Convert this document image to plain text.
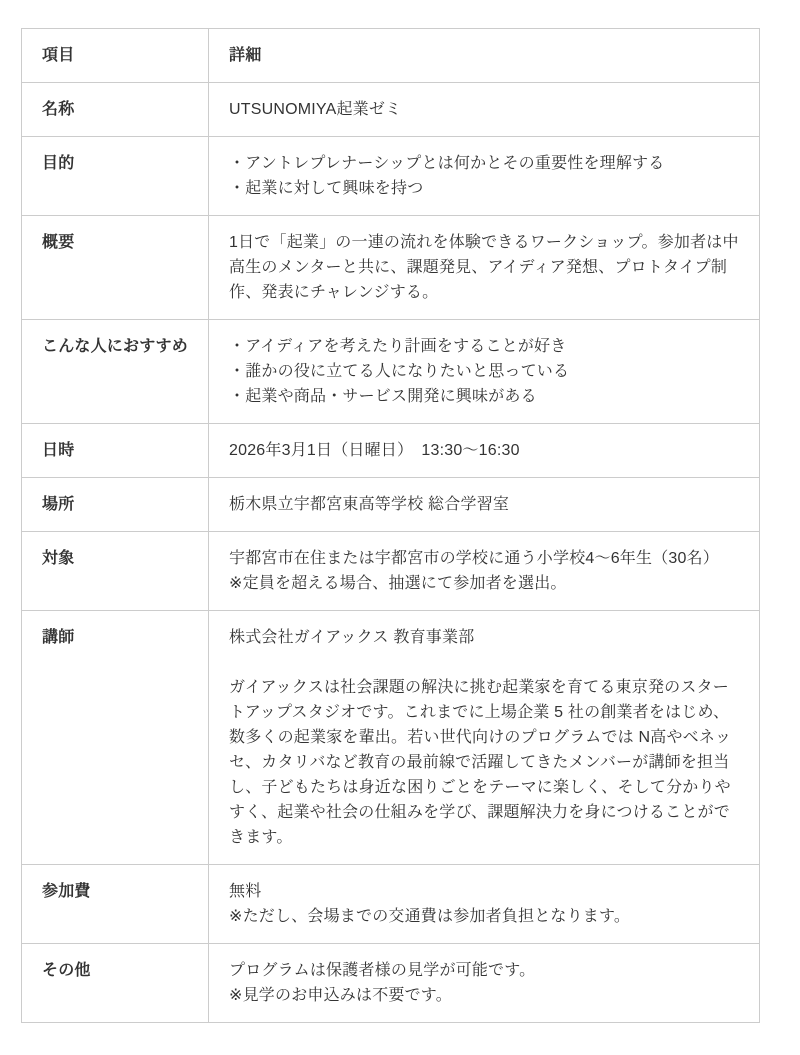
項目	詳細
名称	UTSUNOMIYA起業ゼミ

目的	・アントレプレナーシップとは何かとその重要性を理解する
・起業に対して興味を持つ

概要	1日で「起業」の一連の流れを体験できるワークショップ。参加者は中高生のメンターと共に、課題発見、アイディア発想、プロトタイプ制作、発表にチャレンジする。

こんな人におすすめ	・アイディアを考えたり計画をすることが好き
・誰かの役に立てる人になりたいと思っている
・起業や商品・サービス開発に興味がある

日時	2026年3月1日（日曜日）　13:30〜16:30

場所	栃木県立宇都宮東高等学校 総合学習室

対象	宇都宮市在住または宇都宮市の学校に通う小学校4〜6年生（30名）
※定員を超える場合、抽選にて参加者を選出。

講師	株式会社ガイアックス 教育事業部
ガイアックスは社会課題の解決に挑む起業家を育てる東京発のスタートアップスタジオです。これまでに上場企業 5 社の創業者をはじめ、数多くの起業家を輩出。若い世代向けのプログラムでは N高やベネッセ、カタリバなど教育の最前線で活躍してきたメンバーが講師を担当し、子どもたちは身近な困りごとをテーマに楽しく、そして分かりやすく、起業や社会の仕組みを学び、課題解決力を身につけることができます。

参加費	無料
※ただし、会場までの交通費は参加者負担となります。

その他	プログラムは保護者様の見学が可能です。
※見学のお申込みは不要です。
